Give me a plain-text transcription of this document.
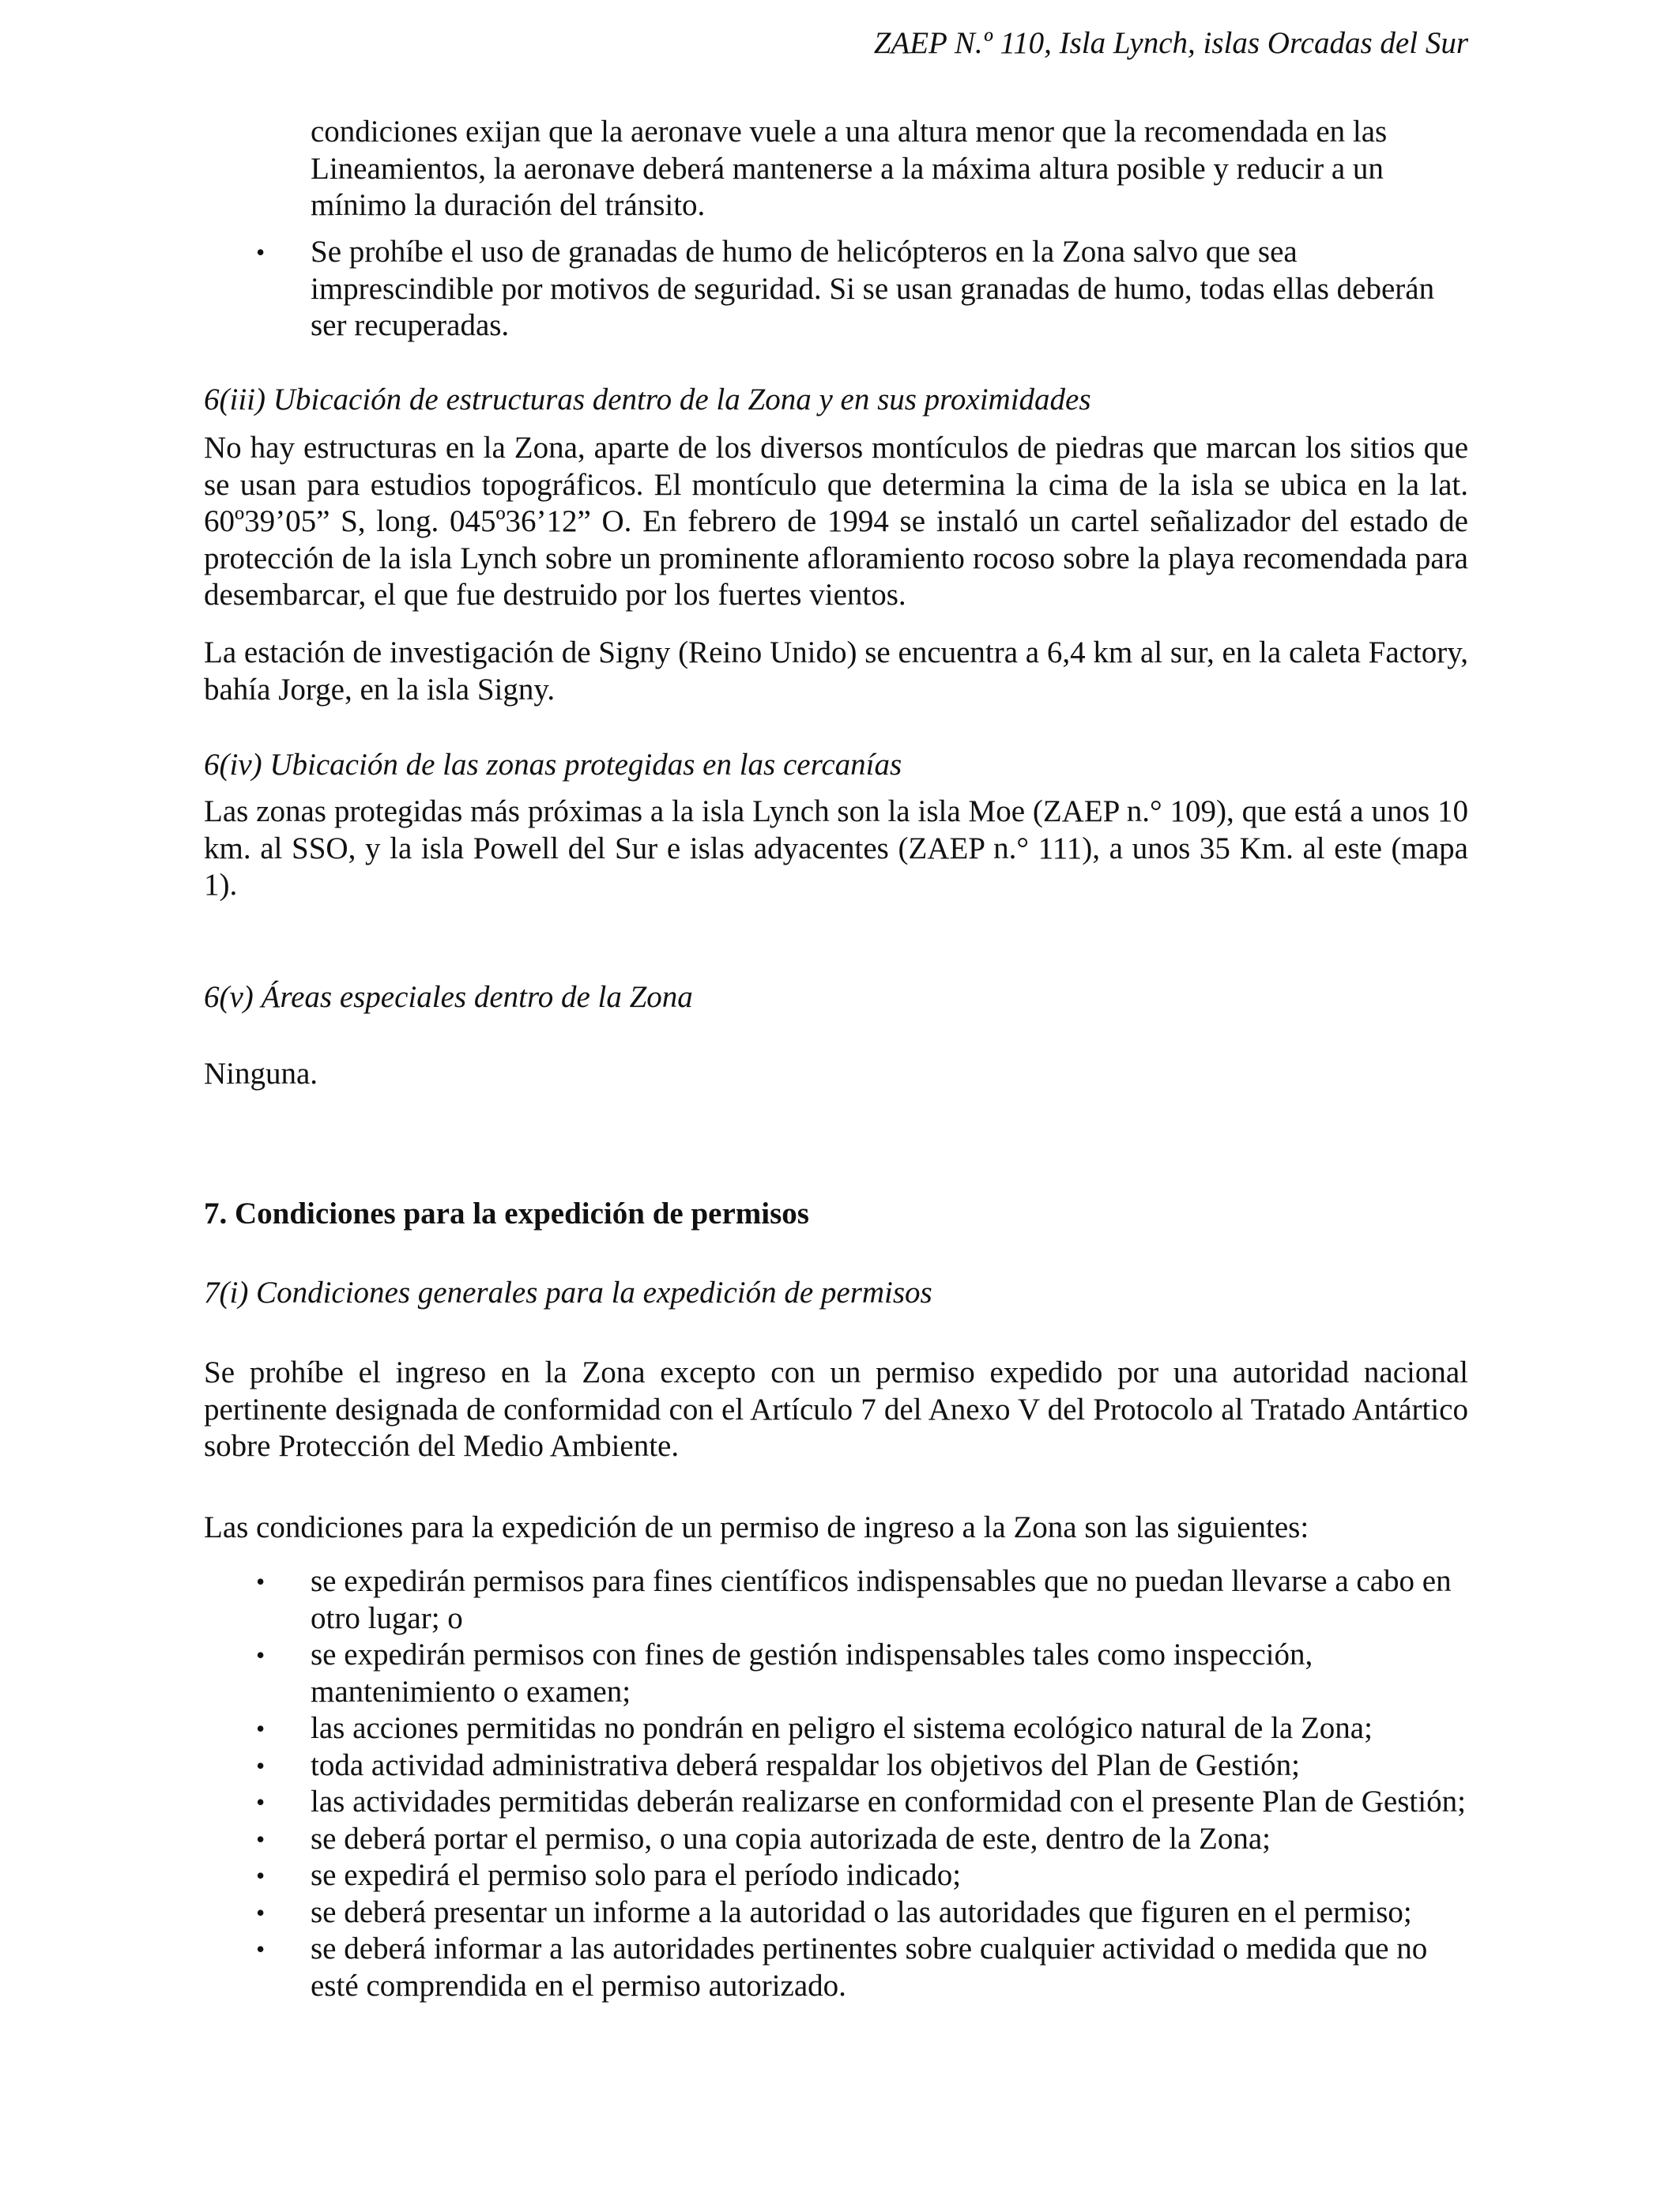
ZAEP N.º 110, Isla Lynch, islas Orcadas del Sur
condiciones exijan que la aeronave vuele a una altura menor que la recomendada en las Lineamientos, la aeronave deberá mantenerse a la máxima altura posible y reducir a un mínimo la duración del tránsito.
• Se prohíbe el uso de granadas de humo de helicópteros en la Zona salvo que sea imprescindible por motivos de seguridad. Si se usan granadas de humo, todas ellas deberán ser recuperadas.
6(iii) Ubicación de estructuras dentro de la Zona y en sus proximidades
No hay estructuras en la Zona, aparte de los diversos montículos de piedras que marcan los sitios que se usan para estudios topográficos. El montículo que determina la cima de la isla se ubica en la lat. 60º39’05” S, long. 045º36’12” O. En febrero de 1994 se instaló un cartel señalizador del estado de protección de la isla Lynch sobre un prominente afloramiento rocoso sobre la playa recomendada para desembarcar, el que fue destruido por los fuertes vientos.
La estación de investigación de Signy (Reino Unido) se encuentra a 6,4 km al sur, en la caleta Factory, bahía Jorge, en la isla Signy.
6(iv) Ubicación de las zonas protegidas en las cercanías
Las zonas protegidas más próximas a la isla Lynch son la isla Moe (ZAEP n.° 109), que está a unos 10 km. al SSO, y la isla Powell del Sur e islas adyacentes (ZAEP n.° 111), a unos 35 Km. al este (mapa 1).
6(v) Áreas especiales dentro de la Zona
Ninguna.
7. Condiciones para la expedición de permisos
7(i) Condiciones generales para la expedición de permisos
Se prohíbe el ingreso en la Zona excepto con un permiso expedido por una autoridad nacional pertinente designada de conformidad con el Artículo 7 del Anexo V del Protocolo al Tratado Antártico sobre Protección del Medio Ambiente.
Las condiciones para la expedición de un permiso de ingreso a la Zona son las siguientes:
• se expedirán permisos para fines científicos indispensables que no puedan llevarse a cabo en otro lugar; o
• se expedirán permisos con fines de gestión indispensables tales como inspección, mantenimiento o examen;
• las acciones permitidas no pondrán en peligro el sistema ecológico natural de la Zona;
• toda actividad administrativa deberá respaldar los objetivos del Plan de Gestión;
• las actividades permitidas deberán realizarse en conformidad con el presente Plan de Gestión;
• se deberá portar el permiso, o una copia autorizada de este, dentro de la Zona;
• se expedirá el permiso solo para el período indicado;
• se deberá presentar un informe a la autoridad o las autoridades que figuren en el permiso;
• se deberá informar a las autoridades pertinentes sobre cualquier actividad o medida que no esté comprendida en el permiso autorizado.
